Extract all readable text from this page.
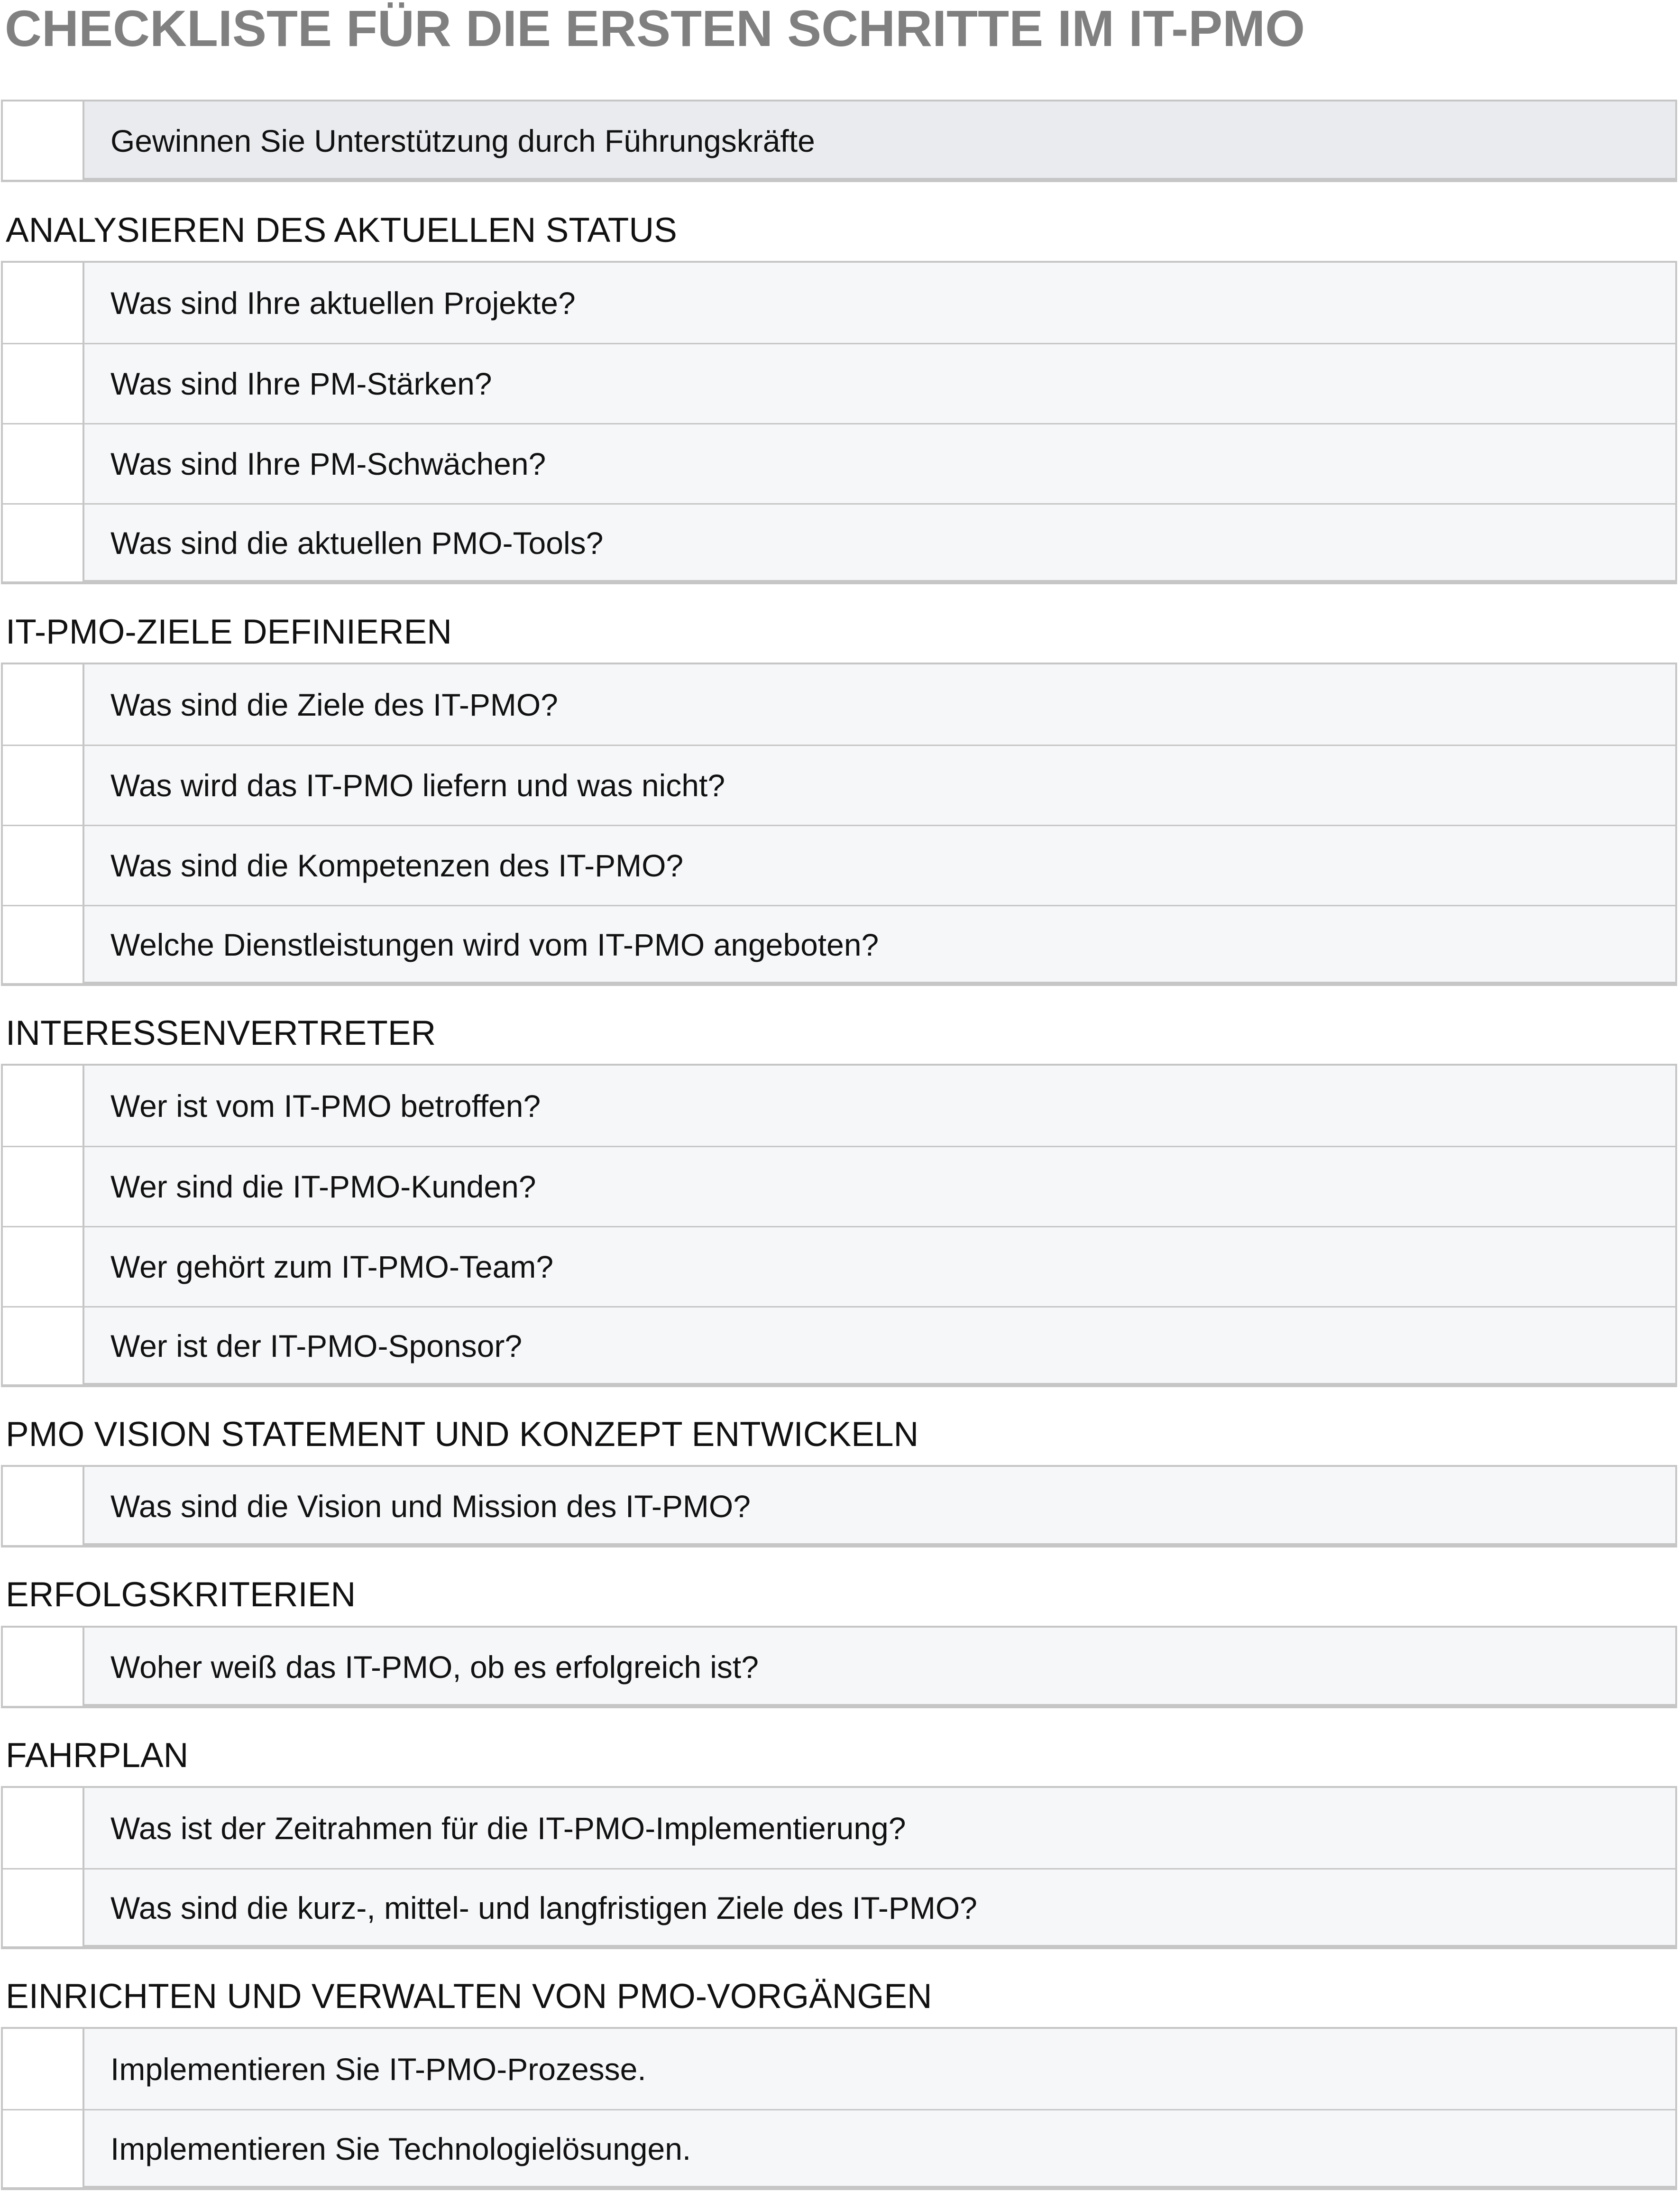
CHECKLISTE FÜR DIE ERSTEN SCHRITTE IM IT-PMO
Gewinnen Sie Unterstützung durch Führungskräfte
ANALYSIEREN DES AKTUELLEN STATUS
Was sind Ihre aktuellen Projekte?
Was sind Ihre PM-Stärken?
Was sind Ihre PM-Schwächen?
Was sind die aktuellen PMO-Tools?
IT-PMO-ZIELE DEFINIEREN
Was sind die Ziele des IT-PMO?
Was wird das IT-PMO liefern und was nicht?
Was sind die Kompetenzen des IT-PMO?
Welche Dienstleistungen wird vom IT-PMO angeboten?
INTERESSENVERTRETER
Wer ist vom IT-PMO betroffen?
Wer sind die IT-PMO-Kunden?
Wer gehört zum IT-PMO-Team?
Wer ist der IT-PMO-Sponsor?
PMO VISION STATEMENT UND KONZEPT ENTWICKELN
Was sind die Vision und Mission des IT-PMO?
ERFOLGSKRITERIEN
Woher weiß das IT-PMO, ob es erfolgreich ist?
FAHRPLAN
Was ist der Zeitrahmen für die IT-PMO-Implementierung?
Was sind die kurz-, mittel- und langfristigen Ziele des IT-PMO?
EINRICHTEN UND VERWALTEN VON PMO-VORGÄNGEN
Implementieren Sie IT-PMO-Prozesse.
Implementieren Sie Technologielösungen.
